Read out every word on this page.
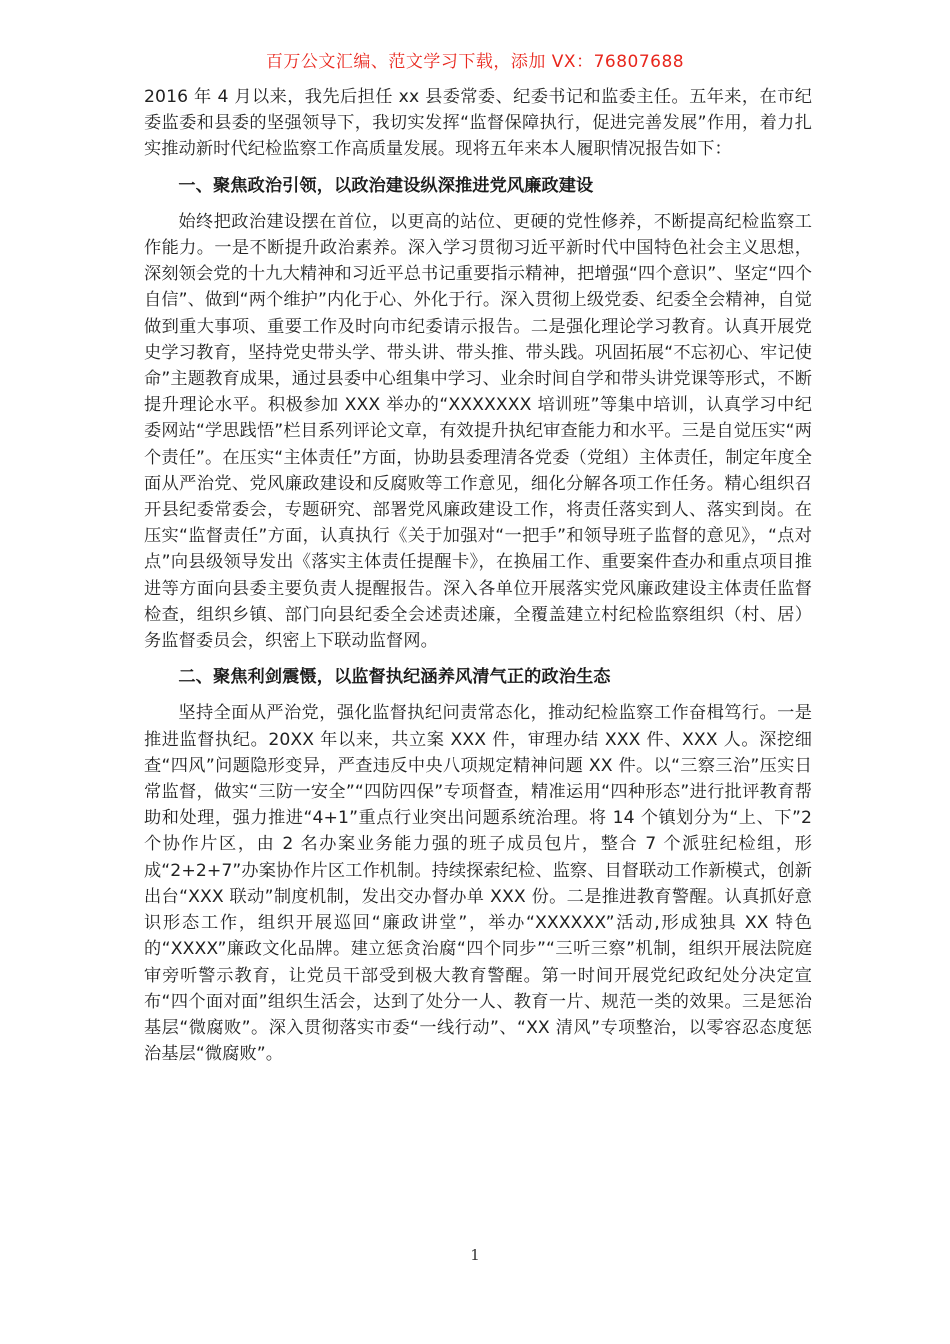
百万公文汇编、范文学习下载，添加 VX：76807688

2016 年 4 月以来，我先后担任 xx 县委常委、纪委书记和监委主任。五年来，在市纪委监委和县委的坚强领导下，我切实发挥“监督保障执行，促进完善发展”作用，着力扎实推动新时代纪检监察工作高质量发展。现将五年来本人履职情况报告如下：

一、聚焦政治引领，以政治建设纵深推进党风廉政建设

始终把政治建设摆在首位，以更高的站位、更硬的党性修养，不断提高纪检监察工作能力。一是不断提升政治素养。深入学习贯彻习近平新时代中国特色社会主义思想，深刻领会党的十九大精神和习近平总书记重要指示精神，把增强“四个意识”、坚定“四个自信”、做到“两个维护”内化于心、外化于行。深入贯彻上级党委、纪委全会精神，自觉做到重大事项、重要工作及时向市纪委请示报告。二是强化理论学习教育。认真开展党史学习教育，坚持党史带头学、带头讲、带头推、带头践。巩固拓展“不忘初心、牢记使命”主题教育成果，通过县委中心组集中学习、业余时间自学和带头讲党课等形式，不断提升理论水平。积极参加 XXX 举办的“XXXXXXX 培训班”等集中培训，认真学习中纪委网站“学思践悟”栏目系列评论文章，有效提升执纪审查能力和水平。三是自觉压实“两个责任”。在压实“主体责任”方面，协助县委理清各党委（党组）主体责任，制定年度全面从严治党、党风廉政建设和反腐败等工作意见，细化分解各项工作任务。精心组织召开县纪委常委会，专题研究、部署党风廉政建设工作，将责任落实到人、落实到岗。在压实“监督责任”方面，认真执行《关于加强对“一把手”和领导班子监督的意见》，“点对点”向县级领导发出《落实主体责任提醒卡》，在换届工作、重要案件查办和重点项目推进等方面向县委主要负责人提醒报告。深入各单位开展落实党风廉政建设主体责任监督检查，组织乡镇、部门向县纪委全会述责述廉，全覆盖建立村纪检监察组织（村、居）务监督委员会，织密上下联动监督网。

二、聚焦利剑震慑，以监督执纪涵养风清气正的政治生态

坚持全面从严治党，强化监督执纪问责常态化，推动纪检监察工作奋楫笃行。一是推进监督执纪。20XX 年以来，共立案 XXX 件，审理办结 XXX 件、XXX 人。深挖细查“四风”问题隐形变异，严查违反中央八项规定精神问题 XX 件。以“三察三治”压实日常监督，做实“三防一安全”“四防四保”专项督查，精准运用“四种形态”进行批评教育帮助和处理，强力推进“4+1”重点行业突出问题系统治理。将 14 个镇划分为“上、下”2 个协作片区，由 2 名办案业务能力强的班子成员包片，整合 7 个派驻纪检组，形成“2+2+7”办案协作片区工作机制。持续探索纪检、监察、目督联动工作新模式，创新出台“XXX 联动”制度机制，发出交办督办单 XXX 份。二是推进教育警醒。认真抓好意识形态工作，组织开展巡回“廉政讲堂”，举办“XXXXXX”活动,形成独具 XX 特色的“XXXX”廉政文化品牌。建立惩贪治腐“四个同步”“三听三察”机制，组织开展法院庭审旁听警示教育，让党员干部受到极大教育警醒。第一时间开展党纪政纪处分决定宣布“四个面对面”组织生活会，达到了处分一人、教育一片、规范一类的效果。三是惩治基层“微腐败”。深入贯彻落实市委“一线行动”、“XX 清风”专项整治，以零容忍态度惩治基层“微腐败”。

1
